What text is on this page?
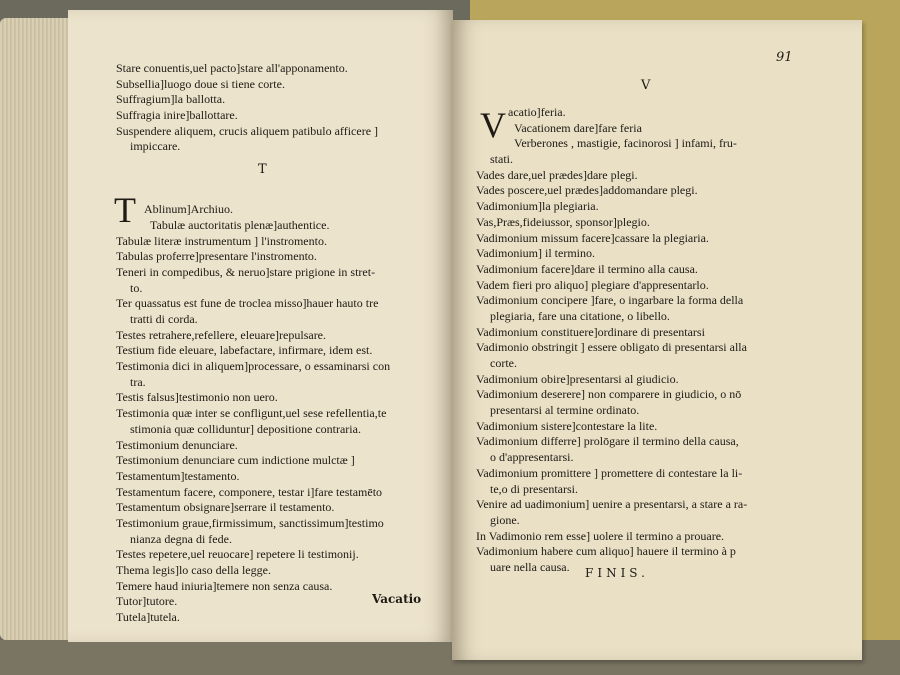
Stare conuentis,uel pacto]stare all'apponamento.
Subsellia]luogo doue si tiene corte.
Suffragium]la ballotta.
Suffragia inire]ballottare.
Suspendere aliquem, crucis aliquem patibulo afficere ]
impiccare.
Ablinum]Archiuo.
Tabulæ auctoritatis plenæ]authentice.
Tabulæ literæ instrumentum ] l'instromento.
Tabulas proferre]presentare l'instromento.
Teneri in compedibus, & neruo]stare prigione in stret-
to.
Ter quassatus est fune de troclea misso]hauer hauto tre
tratti di corda.
Testes retrahere,refellere, eleuare]repulsare.
Testium fide eleuare, labefactare, infirmare, idem est.
Testimonia dici in aliquem]processare, o essaminarsi con
tra.
Testis falsus]testimonio non uero.
Testimonia quæ inter se confligunt,uel sese refellentia,te
stimonia quæ colliduntur] depositione contraria.
Testimonium denunciare.
Testimonium denunciare cum indictione mulctæ ]
Testamentum]testamento.
Testamentum facere, componere, testar i]fare testamēto
Testamentum obsignare]serrare il testamento.
Testimonium graue,firmissimum, sanctissimum]testimo
nianza degna di fede.
Testes repetere,uel reuocare] repetere li testimonij.
Thema legis]lo caso della legge.
Temere haud iniuria]temere non senza causa.
Tutor]tutore.
Tutela]tutela.
T
T
Vacatio
91
V
V acatio]feria.
Vacationem dare]fare feria
Verberones , mastigie, facinorosi ] infami, fru-
stati.
Vades dare,uel prædes]dare plegi.
Vades poscere,uel prædes]addomandare plegi.
Vadimonium]la plegiaria.
Vas,Præs,fideiussor, sponsor]plegio.
Vadimonium missum facere]cassare la plegiaria.
Vadimonium] il termino.
Vadimonium facere]dare il termino alla causa.
Vadem fieri pro aliquo] plegiare d'appresentarlo.
Vadimonium concipere ]fare, o ingarbare la forma della
plegiaria, fare una citatione, o libello.
Vadimonium constituere]ordinare di presentarsi
Vadimonio obstringit ] essere obligato di presentarsi alla
corte.
Vadimonium obire]presentarsi al giudicio.
Vadimonium deserere] non comparere in giudicio, o nō
presentarsi al termine ordinato.
Vadimonium sistere]contestare la lite.
Vadimonium differre] prolōgare il termino della causa,
o d'appresentarsi.
Vadimonium promittere ] promettere di contestare la li-
te,o di presentarsi.
Venire ad uadimonium] uenire a presentarsi, a stare a ra-
gione.
In Vadimonio rem esse] uolere il termino a prouare.
Vadimonium habere cum aliquo] hauere il termino à p
uare nella causa.	FINIS.
